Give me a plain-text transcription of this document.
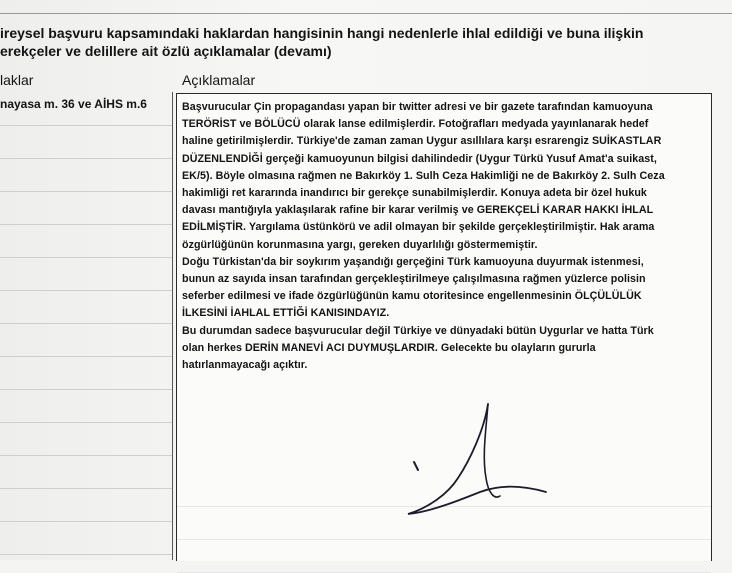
ireysel başvuru kapsamındaki haklardan hangisinin hangi nedenlerle ihlal edildiği ve buna ilişkin
erekçeler ve delillere ait özlü açıklamalar (devamı)
laklar	Açıklamalar
nayasa m. 36 ve AİHS m.6	Başvurucular Çin propagandası yapan bir twitter adresi ve bir gazete tarafından kamuoyuna
TERÖRİST ve BÖLÜCÜ olarak lanse edilmişlerdir. Fotoğrafları medyada yayınlanarak hedef
haline getirilmişlerdir. Türkiye'de zaman zaman Uygur asıllılara karşı esrarengiz SUİKASTLAR
DÜZENLENDİĞİ gerçeği kamuoyunun bilgisi dahilindedir (Uygur Türkü Yusuf Amat'a suikast,
EK/5). Böyle olmasına rağmen ne Bakırköy 1. Sulh Ceza Hakimliği ne de Bakırköy 2. Sulh Ceza
hakimliği ret kararında inandırıcı bir gerekçe sunabilmişlerdir. Konuya adeta bir özel hukuk
davası mantığıyla yaklaşılarak rafine bir karar verilmiş ve GEREKÇELİ KARAR HAKKI İHLAL
EDİLMİŞTİR. Yargılama üstünkörü ve adil olmayan bir şekilde gerçekleştirilmiştir. Hak arama
özgürlüğünün korunmasına yargı, gereken duyarlılığı göstermemiştir.
Doğu Türkistan'da bir soykırım yaşandığı gerçeğini Türk kamuoyuna duyurmak istenmesi,
bunun az sayıda insan tarafından gerçekleştirilmeye çalışılmasına rağmen yüzlerce polisin
seferber edilmesi ve ifade özgürlüğünün kamu otoritesince engellenmesinin ÖLÇÜLÜLÜK
İLKESİNİ İAHLAL ETTİĞİ KANISINDAYIZ.
Bu durumdan sadece başvurucular değil Türkiye ve dünyadaki bütün Uygurlar ve hatta Türk
olan herkes DERİN MANEVİ ACI DUYMUŞLARDIR. Gelecekte bu olayların gururla
hatırlanmayacağı açıktır.
